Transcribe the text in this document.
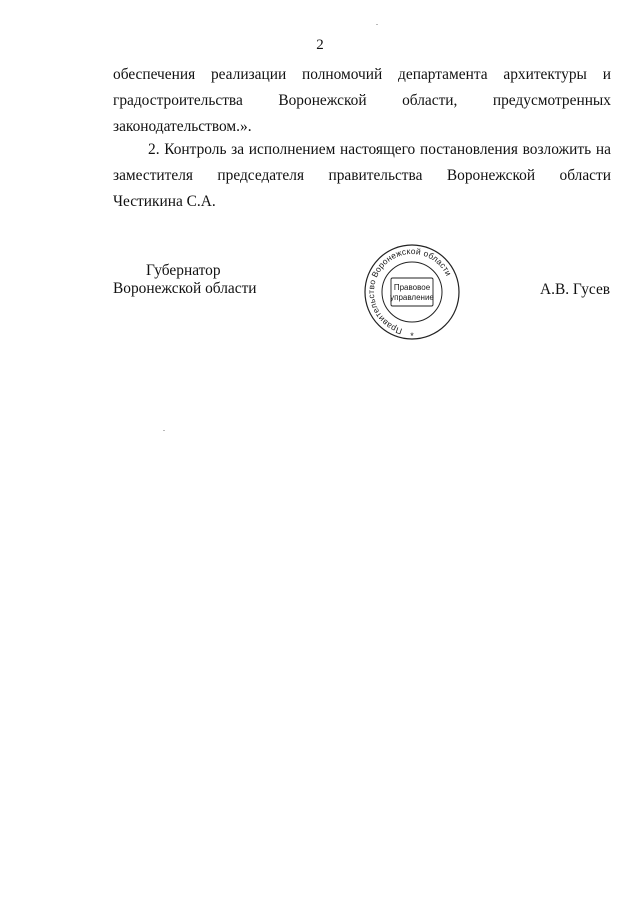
2
обеспечения реализации полномочий департамента архитектуры и
градостроительства Воронежской области, предусмотренных
законодательством.».
2. Контроль за исполнением настоящего постановления возложить на
заместителя председателя правительства Воронежской области
Честикина С.А.
Губернатор
Воронежской области	А.В. Гусев
Правительство Воронежской области
Правовое
управление
*
